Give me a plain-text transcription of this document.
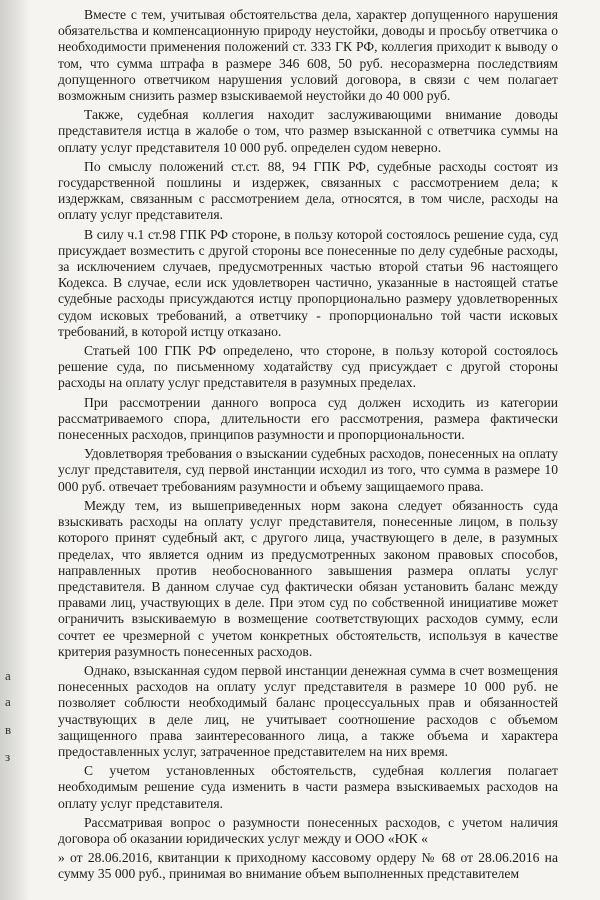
а
а
в
з

Вместе с тем, учитывая обстоятельства дела, характер допущенного нарушения обязательства и компенсационную природу неустойки, доводы и просьбу ответчика о необходимости применения положений ст. 333 ГК РФ, коллегия приходит к выводу о том, что сумма штрафа в размере 346 608, 50 руб. несоразмерна последствиям допущенного ответчиком нарушения условий договора, в связи с чем полагает возможным снизить размер взыскиваемой неустойки до 40 000 руб.

Также, судебная коллегия находит заслуживающими внимание доводы представителя истца в жалобе о том, что размер взысканной с ответчика суммы на оплату услуг представителя 10 000 руб. определен судом неверно.

По смыслу положений ст.ст. 88, 94 ГПК РФ, судебные расходы состоят из государственной пошлины и издержек, связанных с рассмотрением дела; к издержкам, связанным с рассмотрением дела, относятся, в том числе, расходы на оплату услуг представителя.

В силу ч.1 ст.98 ГПК РФ стороне, в пользу которой состоялось решение суда, суд присуждает возместить с другой стороны все понесенные по делу судебные расходы, за исключением случаев, предусмотренных частью второй статьи 96 настоящего Кодекса. В случае, если иск удовлетворен частично, указанные в настоящей статье судебные расходы присуждаются истцу пропорционально размеру удовлетворенных судом исковых требований, а ответчику - пропорционально той части исковых требований, в которой истцу отказано.

Статьей 100 ГПК РФ определено, что стороне, в пользу которой состоялось решение суда, по письменному ходатайству суд присуждает с другой стороны расходы на оплату услуг представителя в разумных пределах.

При рассмотрении данного вопроса суд должен исходить из категории рассматриваемого спора, длительности его рассмотрения, размера фактически понесенных расходов, принципов разумности и пропорциональности.

Удовлетворяя требования о взыскании судебных расходов, понесенных на оплату услуг представителя, суд первой инстанции исходил из того, что сумма в размере 10 000 руб. отвечает требованиям разумности и объему защищаемого права.

Между тем, из вышеприведенных норм закона следует обязанность суда взыскивать расходы на оплату услуг представителя, понесенные лицом, в пользу которого принят судебный акт, с другого лица, участвующего в деле, в разумных пределах, что является одним из предусмотренных законом правовых способов, направленных против необоснованного завышения размера оплаты услуг представителя. В данном случае суд фактически обязан установить баланс между правами лиц, участвующих в деле. При этом суд по собственной инициативе может ограничить взыскиваемую в возмещение соответствующих расходов сумму, если сочтет ее чрезмерной с учетом конкретных обстоятельств, используя в качестве критерия разумность понесенных расходов.

Однако, взысканная судом первой инстанции денежная сумма в счет возмещения понесенных расходов на оплату услуг представителя в размере 10 000 руб. не позволяет соблюсти необходимый баланс процессуальных прав и обязанностей участвующих в деле лиц, не учитывает соотношение расходов с объемом защищенного права заинтересованного лица, а также объема и характера предоставленных услуг, затраченное представителем на них время.

С учетом установленных обстоятельств, судебная коллегия полагает необходимым решение суда изменить в части размера взыскиваемых расходов на оплату услуг представителя.

Рассматривая вопрос о разумности понесенных расходов, с учетом наличия договора об оказании юридических услуг между и ООО «ЮК «

» от 28.06.2016, квитанции к приходному кассовому ордеру № 68 от 28.06.2016 на сумму 35 000 руб., принимая во внимание объем выполненных представителем
